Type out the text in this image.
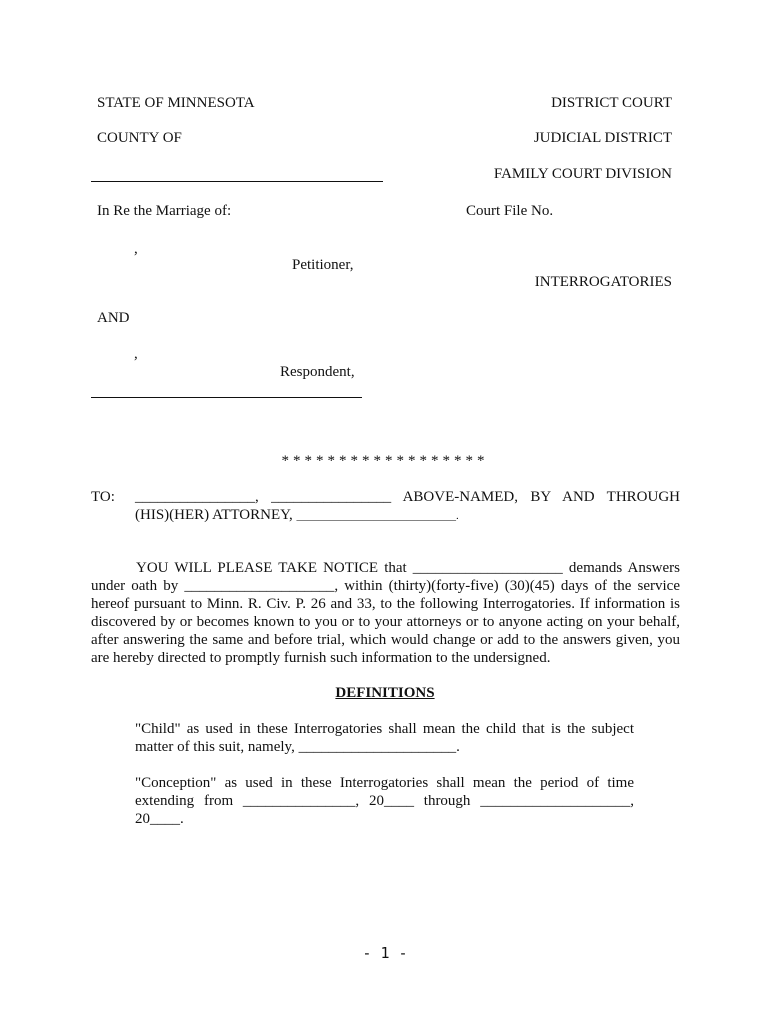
STATE OF MINNESOTA	DISTRICT COURT
COUNTY OF	JUDICIAL DISTRICT
FAMILY COURT DIVISION
In Re the Marriage of:	Court File No.
,
Petitioner,
INTERROGATORIES
AND
,
Respondent,
******************
TO: ________________, ________________ ABOVE-NAMED, BY AND THROUGH
(HIS)(HER) ATTORNEY, _____________________________.
YOU WILL PLEASE TAKE NOTICE that ____________________ demands Answers under oath by ____________________, within (thirty)(forty-five) (30)(45) days of the service hereof pursuant to Minn. R. Civ. P. 26 and 33, to the following Interrogatories. If information is discovered by or becomes known to you or to your attorneys or to anyone acting on your behalf, after answering the same and before trial, which would change or add to the answers given, you are hereby directed to promptly furnish such information to the undersigned.
DEFINITIONS
"Child" as used in these Interrogatories shall mean the child that is the subject matter of this suit, namely, _____________________.
"Conception" as used in these Interrogatories shall mean the period of time extending from _______________, 20____ through ____________________, 20____.
- 1 -
